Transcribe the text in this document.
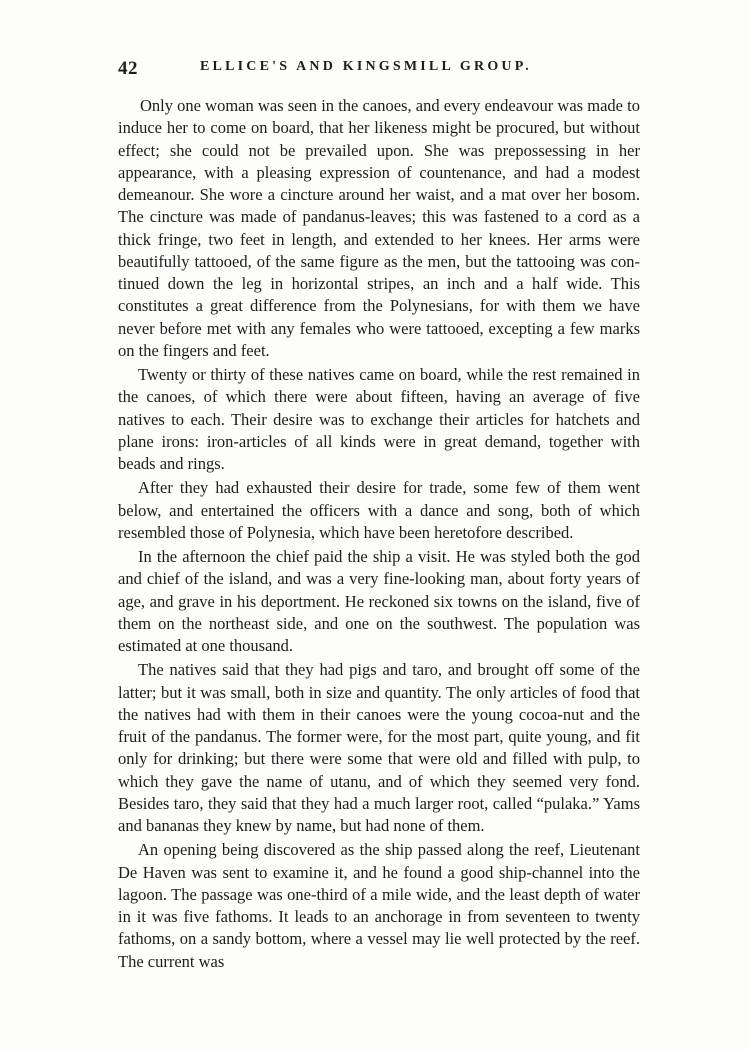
42	ELLICE'S AND KINGSMILL GROUP.

Only one woman was seen in the canoes, and every endeavour was made to induce her to come on board, that her likeness might be procured, but without effect; she could not be prevailed upon. She was prepossessing in her appearance, with a pleasing expression of countenance, and had a modest demeanour. She wore a cincture around her waist, and a mat over her bosom. The cincture was made of pandanus-leaves; this was fastened to a cord as a thick fringe, two feet in length, and extended to her knees. Her arms were beautifully tattooed, of the same figure as the men, but the tattooing was continued down the leg in horizontal stripes, an inch and a half wide. This constitutes a great difference from the Polynesians, for with them we have never before met with any females who were tattooed, excepting a few marks on the fingers and feet.

Twenty or thirty of these natives came on board, while the rest remained in the canoes, of which there were about fifteen, having an average of five natives to each. Their desire was to exchange their articles for hatchets and plane irons: iron-articles of all kinds were in great demand, together with beads and rings.

After they had exhausted their desire for trade, some few of them went below, and entertained the officers with a dance and song, both of which resembled those of Polynesia, which have been heretofore described.

In the afternoon the chief paid the ship a visit. He was styled both the god and chief of the island, and was a very fine-looking man, about forty years of age, and grave in his deportment. He reckoned six towns on the island, five of them on the northeast side, and one on the southwest. The population was estimated at one thousand.

The natives said that they had pigs and taro, and brought off some of the latter; but it was small, both in size and quantity. The only articles of food that the natives had with them in their canoes were the young cocoa-nut and the fruit of the pandanus. The former were, for the most part, quite young, and fit only for drinking; but there were some that were old and filled with pulp, to which they gave the name of utanu, and of which they seemed very fond. Besides taro, they said that they had a much larger root, called “pulaka.” Yams and bananas they knew by name, but had none of them.

An opening being discovered as the ship passed along the reef, Lieutenant De Haven was sent to examine it, and he found a good ship-channel into the lagoon. The passage was one-third of a mile wide, and the least depth of water in it was five fathoms. It leads to an anchorage in from seventeen to twenty fathoms, on a sandy bottom, where a vessel may lie well protected by the reef. The current was
